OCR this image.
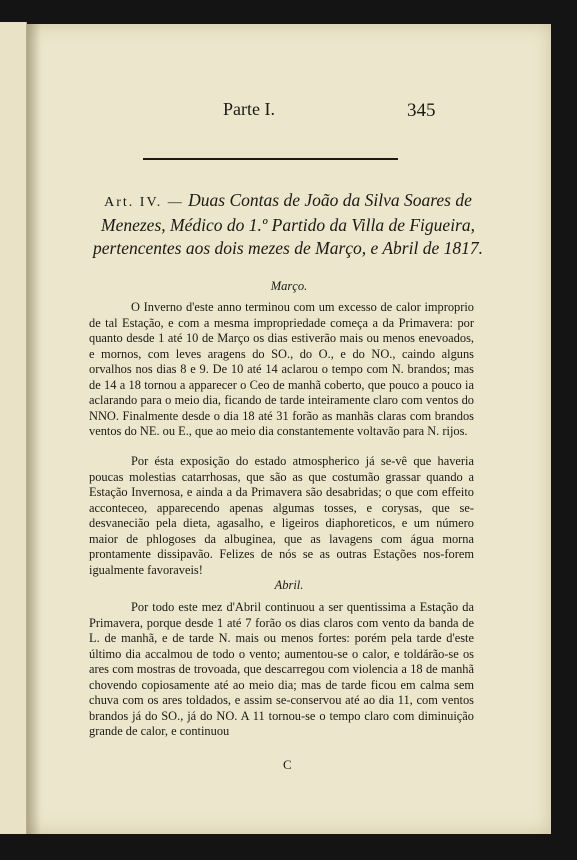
Parte I.	345
Art. IV. — Duas Contas de João da Silva Soares de Menezes, Médico do 1.º Partido da Villa de Figueira, pertencentes aos dois mezes de Março, e Abril de 1817.
Março.

O Inverno d'este anno terminou com um excesso de calor improprio de tal Estação, e com a mesma impropriedade começa a da Primavera: por quanto desde 1 até 10 de Março os dias estiverão mais ou menos enevoados, e mornos, com leves aragens do SO., do O., e do NO., caindo alguns orvalhos nos dias 8 e 9. De 10 até 14 aclarou o tempo com N. brandos; mas de 14 a 18 tornou a apparecer o Ceo de manhã coberto, que pouco a pouco ia aclarando para o meio dia, ficando de tarde inteiramente claro com ventos do NNO. Finalmente desde o dia 18 até 31 forão as manhãs claras com brandos ventos do NE. ou E., que ao meio dia constantemente voltavão para N. rijos.

Por ésta exposição do estado atmospherico já se-vê que haveria poucas molestias catarrhosas, que são as que costumão grassar quando a Estação Invernosa, e ainda a da Primavera são desabridas; o que com effeito acconteceo, apparecendo apenas algumas tosses, e corysas, que se-desvanecião pela dieta, agasalho, e ligeiros diaphoreticos, e um número maior de phlogoses da albuginea, que as lavagens com água morna prontamente dissipavão. Felizes de nós se as outras Estações nos-forem igualmente favoraveis!

Abril.

Por todo este mez d'Abril continuou a ser quentissima a Estação da Primavera, porque desde 1 até 7 forão os dias claros com vento da banda de L. de manhã, e de tarde N. mais ou menos fortes: porém pela tarde d'este último dia accalmou de todo o vento; aumentou-se o calor, e toldárão-se os ares com mostras de trovoada, que descarregou com violencia a 18 de manhã chovendo copiosamente até ao meio dia; mas de tarde ficou em calma sem chuva com os ares toldados, e assim se-conservou até ao dia 11, com ventos brandos já do SO., já do NO. A 11 tornou-se o tempo claro com diminuição grande de calor, e continuou

C
